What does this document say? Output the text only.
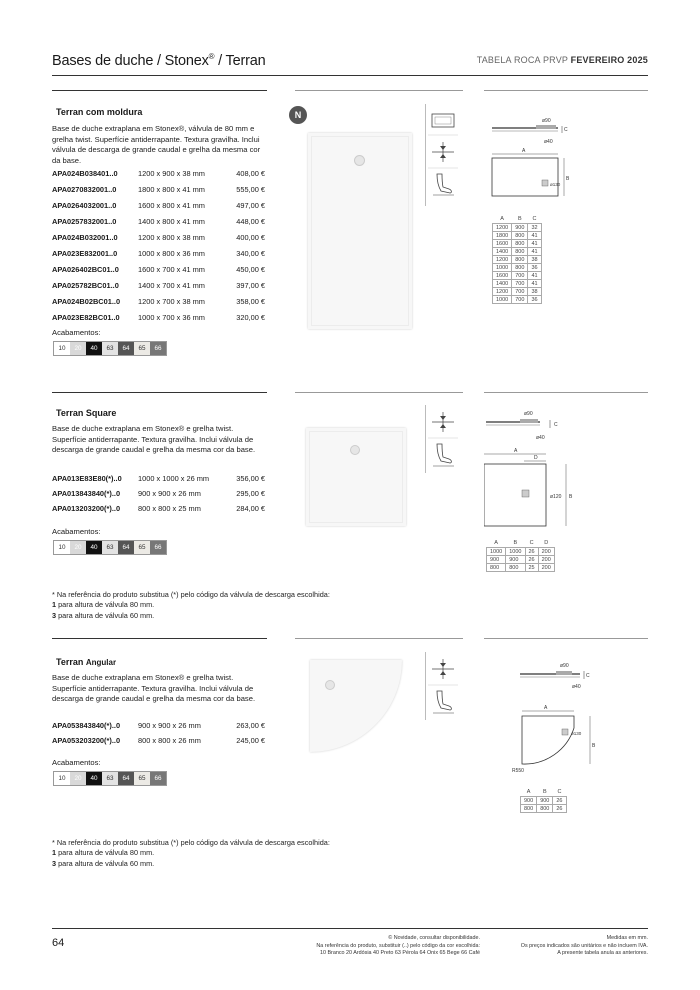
Bases de duche / Stonex® / Terran	TABELA ROCA PRVP FEVEREIRO 2025
Terran com moldura
Base de duche extraplana em Stonex®, válvula de 80 mm e grelha twist. Superfície antiderrapante. Textura gravilha. Inclui válvula de descarga de grande caudal e grelha da mesma cor da base.
APA024B038401..0	1200 x 900 x 38 mm	408,00 €
APA0270832001..0	1800 x 800 x 41 mm	555,00 €
APA0264032001..0	1600 x 800 x 41 mm	497,00 €
APA0257832001..0	1400 x 800 x 41 mm	448,00 €
APA024B032001..0	1200 x 800 x 38 mm	400,00 €
APA023E832001..0	1000 x 800 x 36 mm	340,00 €
APA026402BC01..0	1600 x 700 x 41 mm	450,00 €
APA025782BC01..0	1400 x 700 x 41 mm	397,00 €
APA024B02BC01..0	1200 x 700 x 38 mm	358,00 €
APA023E82BC01..0	1000 x 700 x 36 mm	320,00 €
Acabamentos:
10	20	40	63	64	65	66
N
ø90
ø40
C
A
ø130
B
A	B	C
1200	900	32
1800	800	41
1600	800	41
1400	800	41
1200	800	38
1000	800	36
1600	700	41
1400	700	41
1200	700	38
1000	700	36
Terran Square
Base de duche extraplana em Stonex® e grelha twist. Superfície antiderrapante. Textura gravilha. Inclui válvula de descarga de grande caudal e grelha da mesma cor da base.
APA013E83E80(*)..0	1000 x 1000 x 26 mm	356,00 €
APA013843840(*)..0	900 x 900 x 26 mm	295,00 €
APA013203200(*)..0	800 x 800 x 25 mm	284,00 €
Acabamentos:
10	20	40	63	64	65	66
ø90
ø40
C
A
D
ø120 B
A	B	C	D
1000	1000	26	200
900	900	26	200
800	800	25	200
* Na referência do produto substitua (*) pelo código da válvula de descarga escolhida:
1 para altura de válvula 80 mm.
3 para altura de válvula 60 mm.
Terran Angular
Base de duche extraplana em Stonex® e grelha twist. Superfície antiderrapante. Textura gravilha. Inclui válvula de descarga de grande caudal e grelha da mesma cor da base.
APA053843840(*)..0	900 x 900 x 26 mm	263,00 €
APA053203200(*)..0	800 x 800 x 26 mm	245,00 €
Acabamentos:
10	20	40	63	64	65	66
ø90
ø40
C
A
ø130
B
R550
A	B	C
900	900	26
800	800	26
* Na referência do produto substitua (*) pelo código da válvula de descarga escolhida:
1 para altura de válvula 80 mm.
3 para altura de válvula 60 mm.
64	© Novidade, consultar disponibilidade.
Na referência do produto, substituir (..) pelo código da cor escolhida:
10 Branco 20 Ardósia 40 Preto 63 Pérola 64 Onix 65 Bege 66 Café
Medidas em mm.
Os preços indicados são unitários e não incluem IVA.
A presente tabela anula as anteriores.
